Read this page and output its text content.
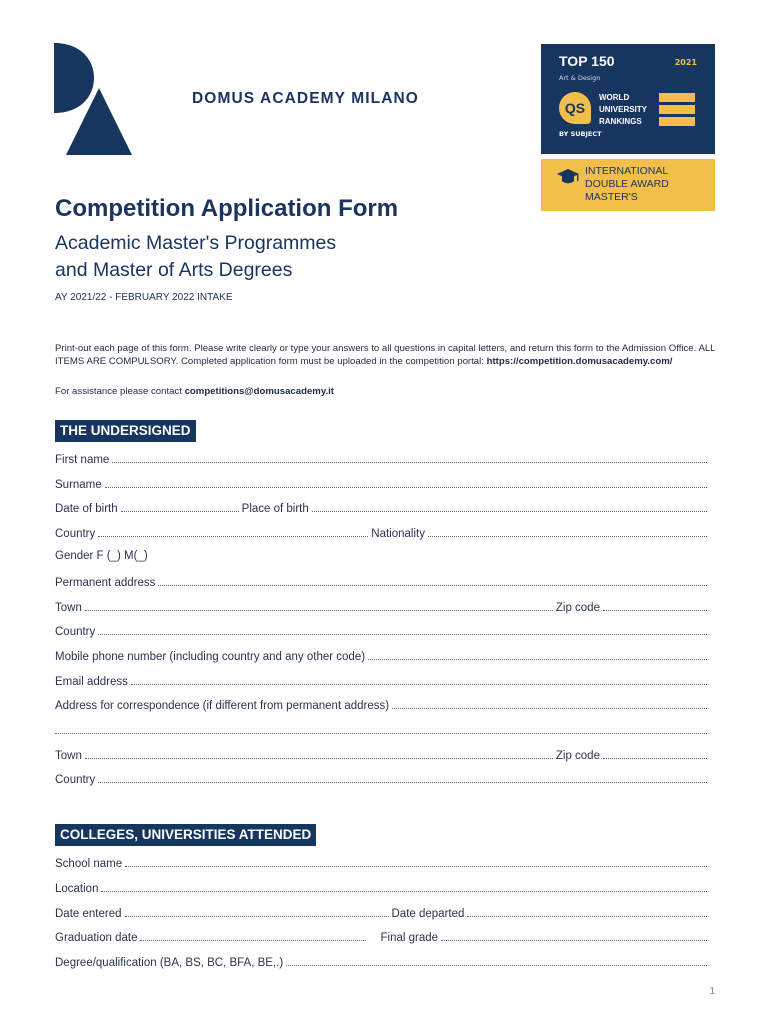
DOMUS ACADEMY MILANO
TOP 150	2021
Art & Design
QS
WORLD
UNIVERSITY
RANKINGS
BY SUBJECT
INTERNATIONAL
DOUBLE AWARD
MASTER'S
Competition Application Form
Academic Master's Programmes
and Master of Arts Degrees
AY 2021/22 - FEBRUARY 2022 INTAKE
Print-out each page of this form. Please write clearly or type your answers to all questions in capital letters, and return this form to the Admission Office. ALL ITEMS ARE COMPULSORY. Completed application form must be uploaded in the competition portal: https://competition.domusacademy.com/
For assistance please contact competitions@domusacademy.it
THE UNDERSIGNED
First name
Surname
Date of birth	Place of birth
Country	Nationality
Gender F (_) M(_)
Permanent address
Town	Zip code
Country
Mobile phone number (including country and any other code)
Email address
Address for correspondence (if different from permanent address)
Town	Zip code
Country
COLLEGES, UNIVERSITIES ATTENDED
School name
Location
Date entered	Date departed
Graduation date	Final grade
Degree/qualification (BA, BS, BC, BFA, BE,.)
1
